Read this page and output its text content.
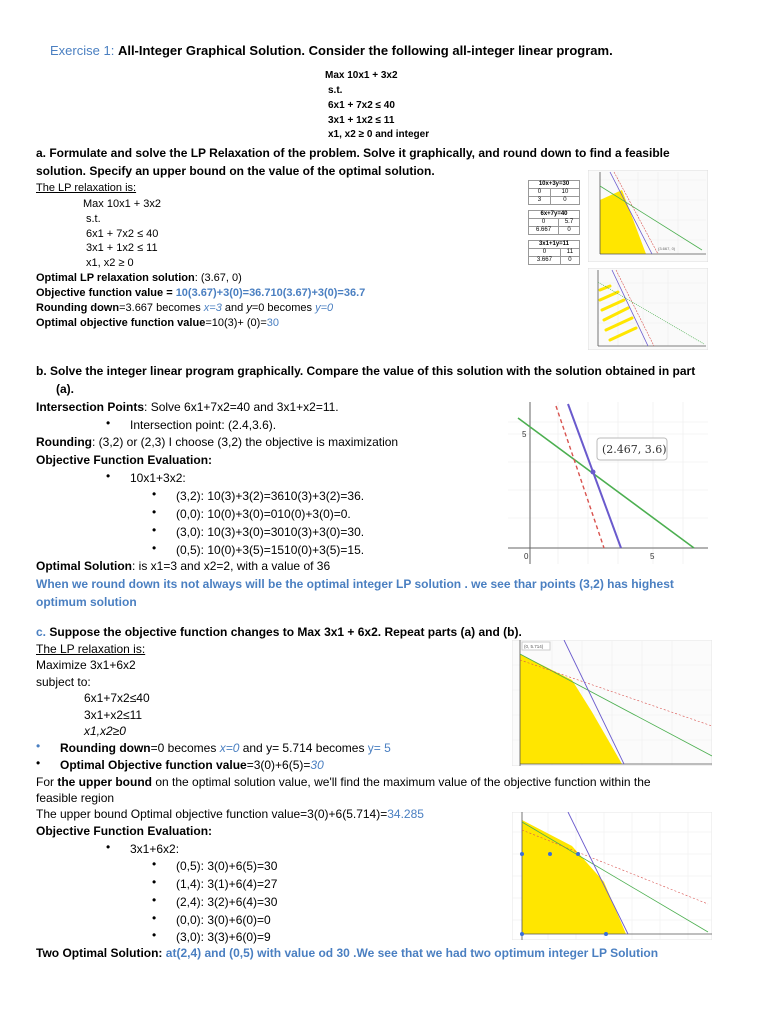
Exercise 1: All-Integer Graphical Solution. Consider the following all-integer linear program.
Max 10x1 + 3x2
s.t.
6x1 + 7x2 ≤ 40
3x1 + 1x2 ≤ 11
x1, x2 ≥ 0 and integer
a. Formulate and solve the LP Relaxation of the problem. Solve it graphically, and round down to find a feasible
solution. Specify an upper bound on the value of the optimal solution.
The LP relaxation is:
Max 10x1 + 3x2
s.t.
6x1 + 7x2 ≤ 40
3x1 + 1x2 ≤ 11
x1, x2 ≥ 0
Optimal LP relaxation solution: (3.67, 0)
Objective function value = 10(3.67)+3(0)=36.710(3.67)+3(0)=36.7
Rounding down=3.667 becomes x=3 and y=0 becomes y=0
Optimal objective function value=10(3)+ (0)=30
10x+3y=30	
0	10
3	0
6x+7y=40	
0	5.7
6.667	0
3x1+1y=11	
0	11
3.667	0
(3.667, 0)
b. Solve the integer linear program graphically. Compare the value of this solution with the solution obtained in part
(a).
Intersection Points: Solve 6x1+7x2=40 and 3x1+x2=11.
• Intersection point: (2.4,3.6).
Rounding: (3,2) or (2,3) I choose (3,2) the objective is maximization
Objective Function Evaluation:
• 10x1+3x2:
• (3,2): 10(3)+3(2)=3610(3)+3(2)=36.
• (0,0): 10(0)+3(0)=010(0)+3(0)=0.
• (3,0): 10(3)+3(0)=3010(3)+3(0)=30.
• (0,5): 10(0)+3(5)=1510(0)+3(5)=15.
Optimal Solution: is x1=3 and x2=2, with a value of 36
When we round down its not always will be the optimal integer LP solution . we see thar points (3,2) has highest
optimum solution
(2.467, 3.6)
5
0	5
c. Suppose the objective function changes to Max 3x1 + 6x2. Repeat parts (a) and (b).
The LP relaxation is:
Maximize 3x1+6x2
subject to:
6x1+7x2≤40
3x1+x2≤11
x1,x2≥0
• Rounding down=0 becomes x=0 and y= 5.714 becomes y= 5
• Optimal Objective function value=3(0)+6(5)=30
For the upper bound on the optimal solution value, we'll find the maximum value of the objective function within the
feasible region
The upper bound Optimal objective function value=3(0)+6(5.714)=34.285
Objective Function Evaluation:
• 3x1+6x2:
• (0,5): 3(0)+6(5)=30
• (1,4): 3(1)+6(4)=27
• (2,4): 3(2)+6(4)=30
• (0,0): 3(0)+6(0)=0
• (3,0): 3(3)+6(0)=9
Two Optimal Solution: at(2,4) and (0,5) with value od 30 .We see that we had two optimum integer LP Solution
(0, 5.714)
